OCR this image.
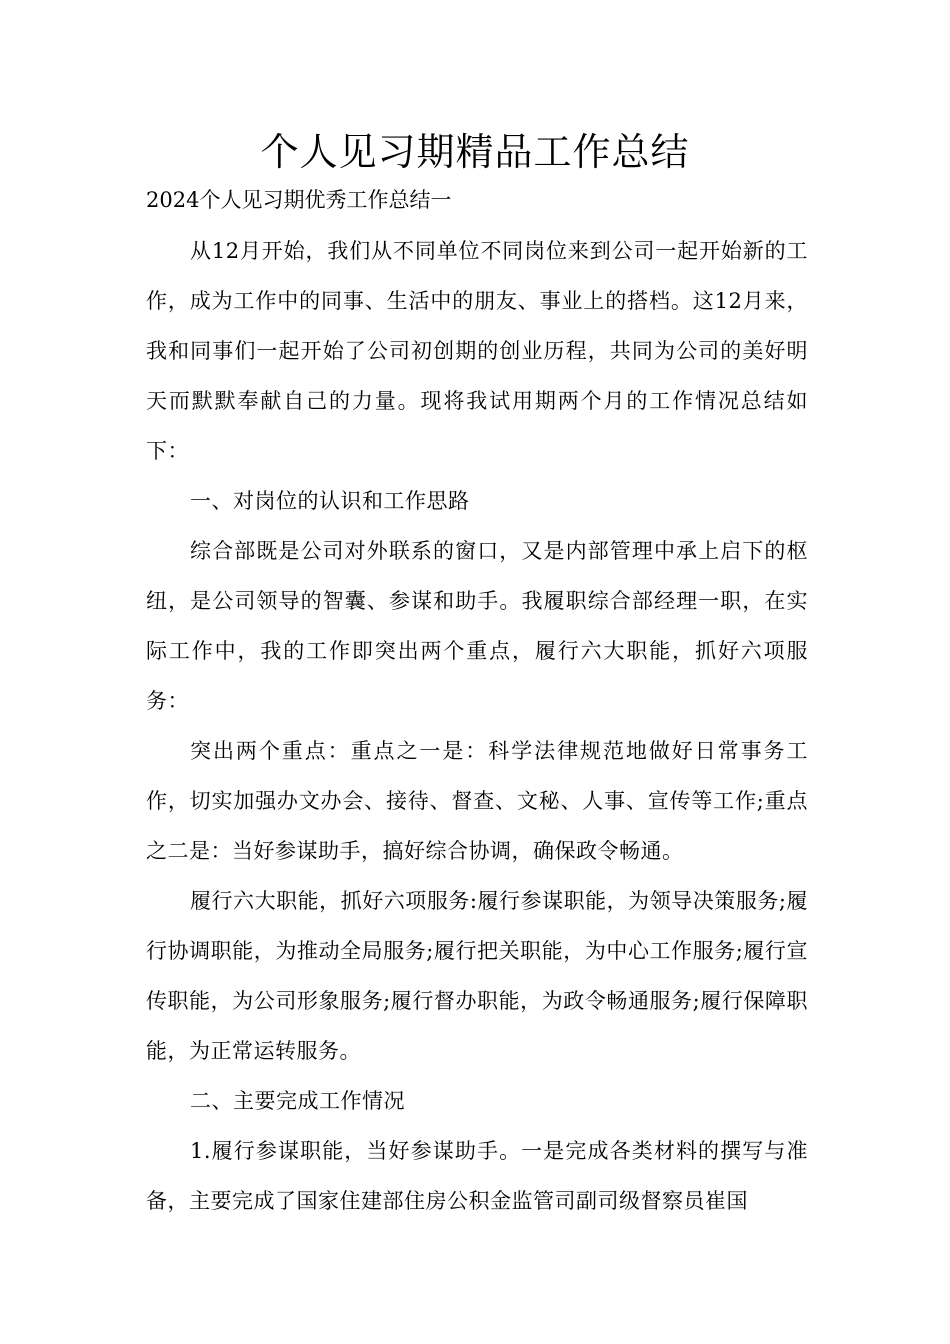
个人见习期精品工作总结

2024个人见习期优秀工作总结一

从12月开始，我们从不同单位不同岗位来到公司一起开始新的工作，成为工作中的同事、生活中的朋友、事业上的搭档。这12月来，我和同事们一起开始了公司初创期的创业历程，共同为公司的美好明天而默默奉献自己的力量。现将我试用期两个月的工作情况总结如下：

一、对岗位的认识和工作思路

综合部既是公司对外联系的窗口，又是内部管理中承上启下的枢纽，是公司领导的智囊、参谋和助手。我履职综合部经理一职，在实际工作中，我的工作即突出两个重点，履行六大职能，抓好六项服务：

突出两个重点：重点之一是：科学法律规范地做好日常事务工作，切实加强办文办会、接待、督查、文秘、人事、宣传等工作;重点之二是：当好参谋助手，搞好综合协调，确保政令畅通。

履行六大职能，抓好六项服务:履行参谋职能，为领导决策服务;履行协调职能，为推动全局服务;履行把关职能，为中心工作服务;履行宣传职能，为公司形象服务;履行督办职能，为政令畅通服务;履行保障职能，为正常运转服务。

二、主要完成工作情况

1.履行参谋职能，当好参谋助手。一是完成各类材料的撰写与准备，主要完成了国家住建部住房公积金监管司副司级督察员崔国
